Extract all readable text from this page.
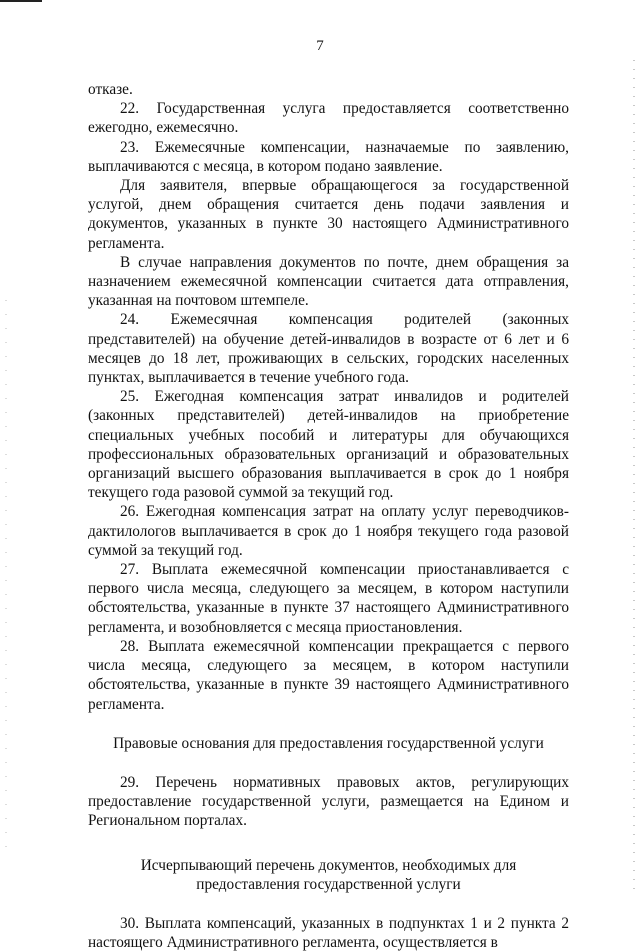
7

отказе.

22. Государственная услуга предоставляется соответственно ежегодно, ежемесячно.

23. Ежемесячные компенсации, назначаемые по заявлению, выплачиваются с месяца, в котором подано заявление.

Для заявителя, впервые обращающегося за государственной услугой, днем обращения считается день подачи заявления и документов, указанных в пункте 30 настоящего Административного регламента.

В случае направления документов по почте, днем обращения за назначением ежемесячной компенсации считается дата отправления, указанная на почтовом штемпеле.

24. Ежемесячная компенсация родителей (законных представителей) на обучение детей-инвалидов в возрасте от 6 лет и 6 месяцев до 18 лет, проживающих в сельских, городских населенных пунктах, выплачивается в течение учебного года.

25. Ежегодная компенсация затрат инвалидов и родителей (законных представителей) детей-инвалидов на приобретение специальных учебных пособий и литературы для обучающихся профессиональных образовательных организаций и образовательных организаций высшего образования выплачивается в срок до 1 ноября текущего года разовой суммой за текущий год.

26. Ежегодная компенсация затрат на оплату услуг переводчиков-дактилологов выплачивается в срок до 1 ноября текущего года разовой суммой за текущий год.

27. Выплата ежемесячной компенсации приостанавливается с первого числа месяца, следующего за месяцем, в котором наступили обстоятельства, указанные в пункте 37 настоящего Административного регламента, и возобновляется с месяца приостановления.

28. Выплата ежемесячной компенсации прекращается с первого числа месяца, следующего за месяцем, в котором наступили обстоятельства, указанные в пункте 39 настоящего Административного регламента.

Правовые основания для предоставления государственной услуги

29. Перечень нормативных правовых актов, регулирующих предоставление государственной услуги, размещается на Едином и Региональном порталах.

Исчерпывающий перечень документов, необходимых для предоставления государственной услуги

30. Выплата компенсаций, указанных в подпунктах 1 и 2 пункта 2 настоящего Административного регламента, осуществляется в
